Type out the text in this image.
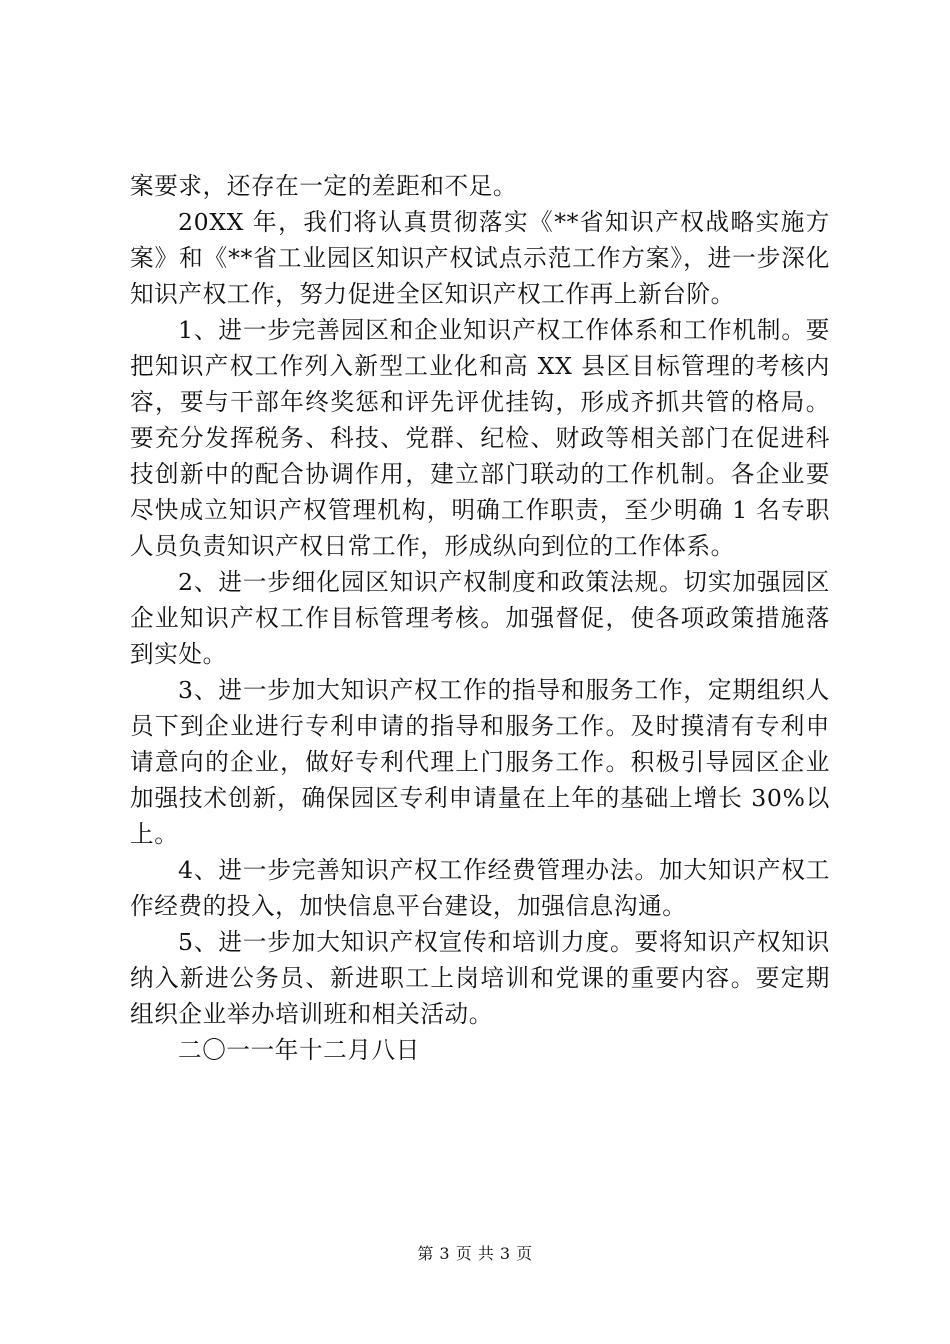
案要求，还存在一定的差距和不足。

20XX 年，我们将认真贯彻落实《**省知识产权战略实施方案》和《**省工业园区知识产权试点示范工作方案》，进一步深化知识产权工作，努力促进全区知识产权工作再上新台阶。

1、进一步完善园区和企业知识产权工作体系和工作机制。要把知识产权工作列入新型工业化和高 XX 县区目标管理的考核内容，要与干部年终奖惩和评先评优挂钩，形成齐抓共管的格局。要充分发挥税务、科技、党群、纪检、财政等相关部门在促进科技创新中的配合协调作用，建立部门联动的工作机制。各企业要尽快成立知识产权管理机构，明确工作职责，至少明确 1 名专职人员负责知识产权日常工作，形成纵向到位的工作体系。

2、进一步细化园区知识产权制度和政策法规。切实加强园区企业知识产权工作目标管理考核。加强督促，使各项政策措施落到实处。

3、进一步加大知识产权工作的指导和服务工作，定期组织人员下到企业进行专利申请的指导和服务工作。及时摸清有专利申请意向的企业，做好专利代理上门服务工作。积极引导园区企业加强技术创新，确保园区专利申请量在上年的基础上增长 30%以上。

4、进一步完善知识产权工作经费管理办法。加大知识产权工作经费的投入，加快信息平台建设，加强信息沟通。

5、进一步加大知识产权宣传和培训力度。要将知识产权知识纳入新进公务员、新进职工上岗培训和党课的重要内容。要定期组织企业举办培训班和相关活动。

二〇一一年十二月八日

第 3 页 共 3 页
